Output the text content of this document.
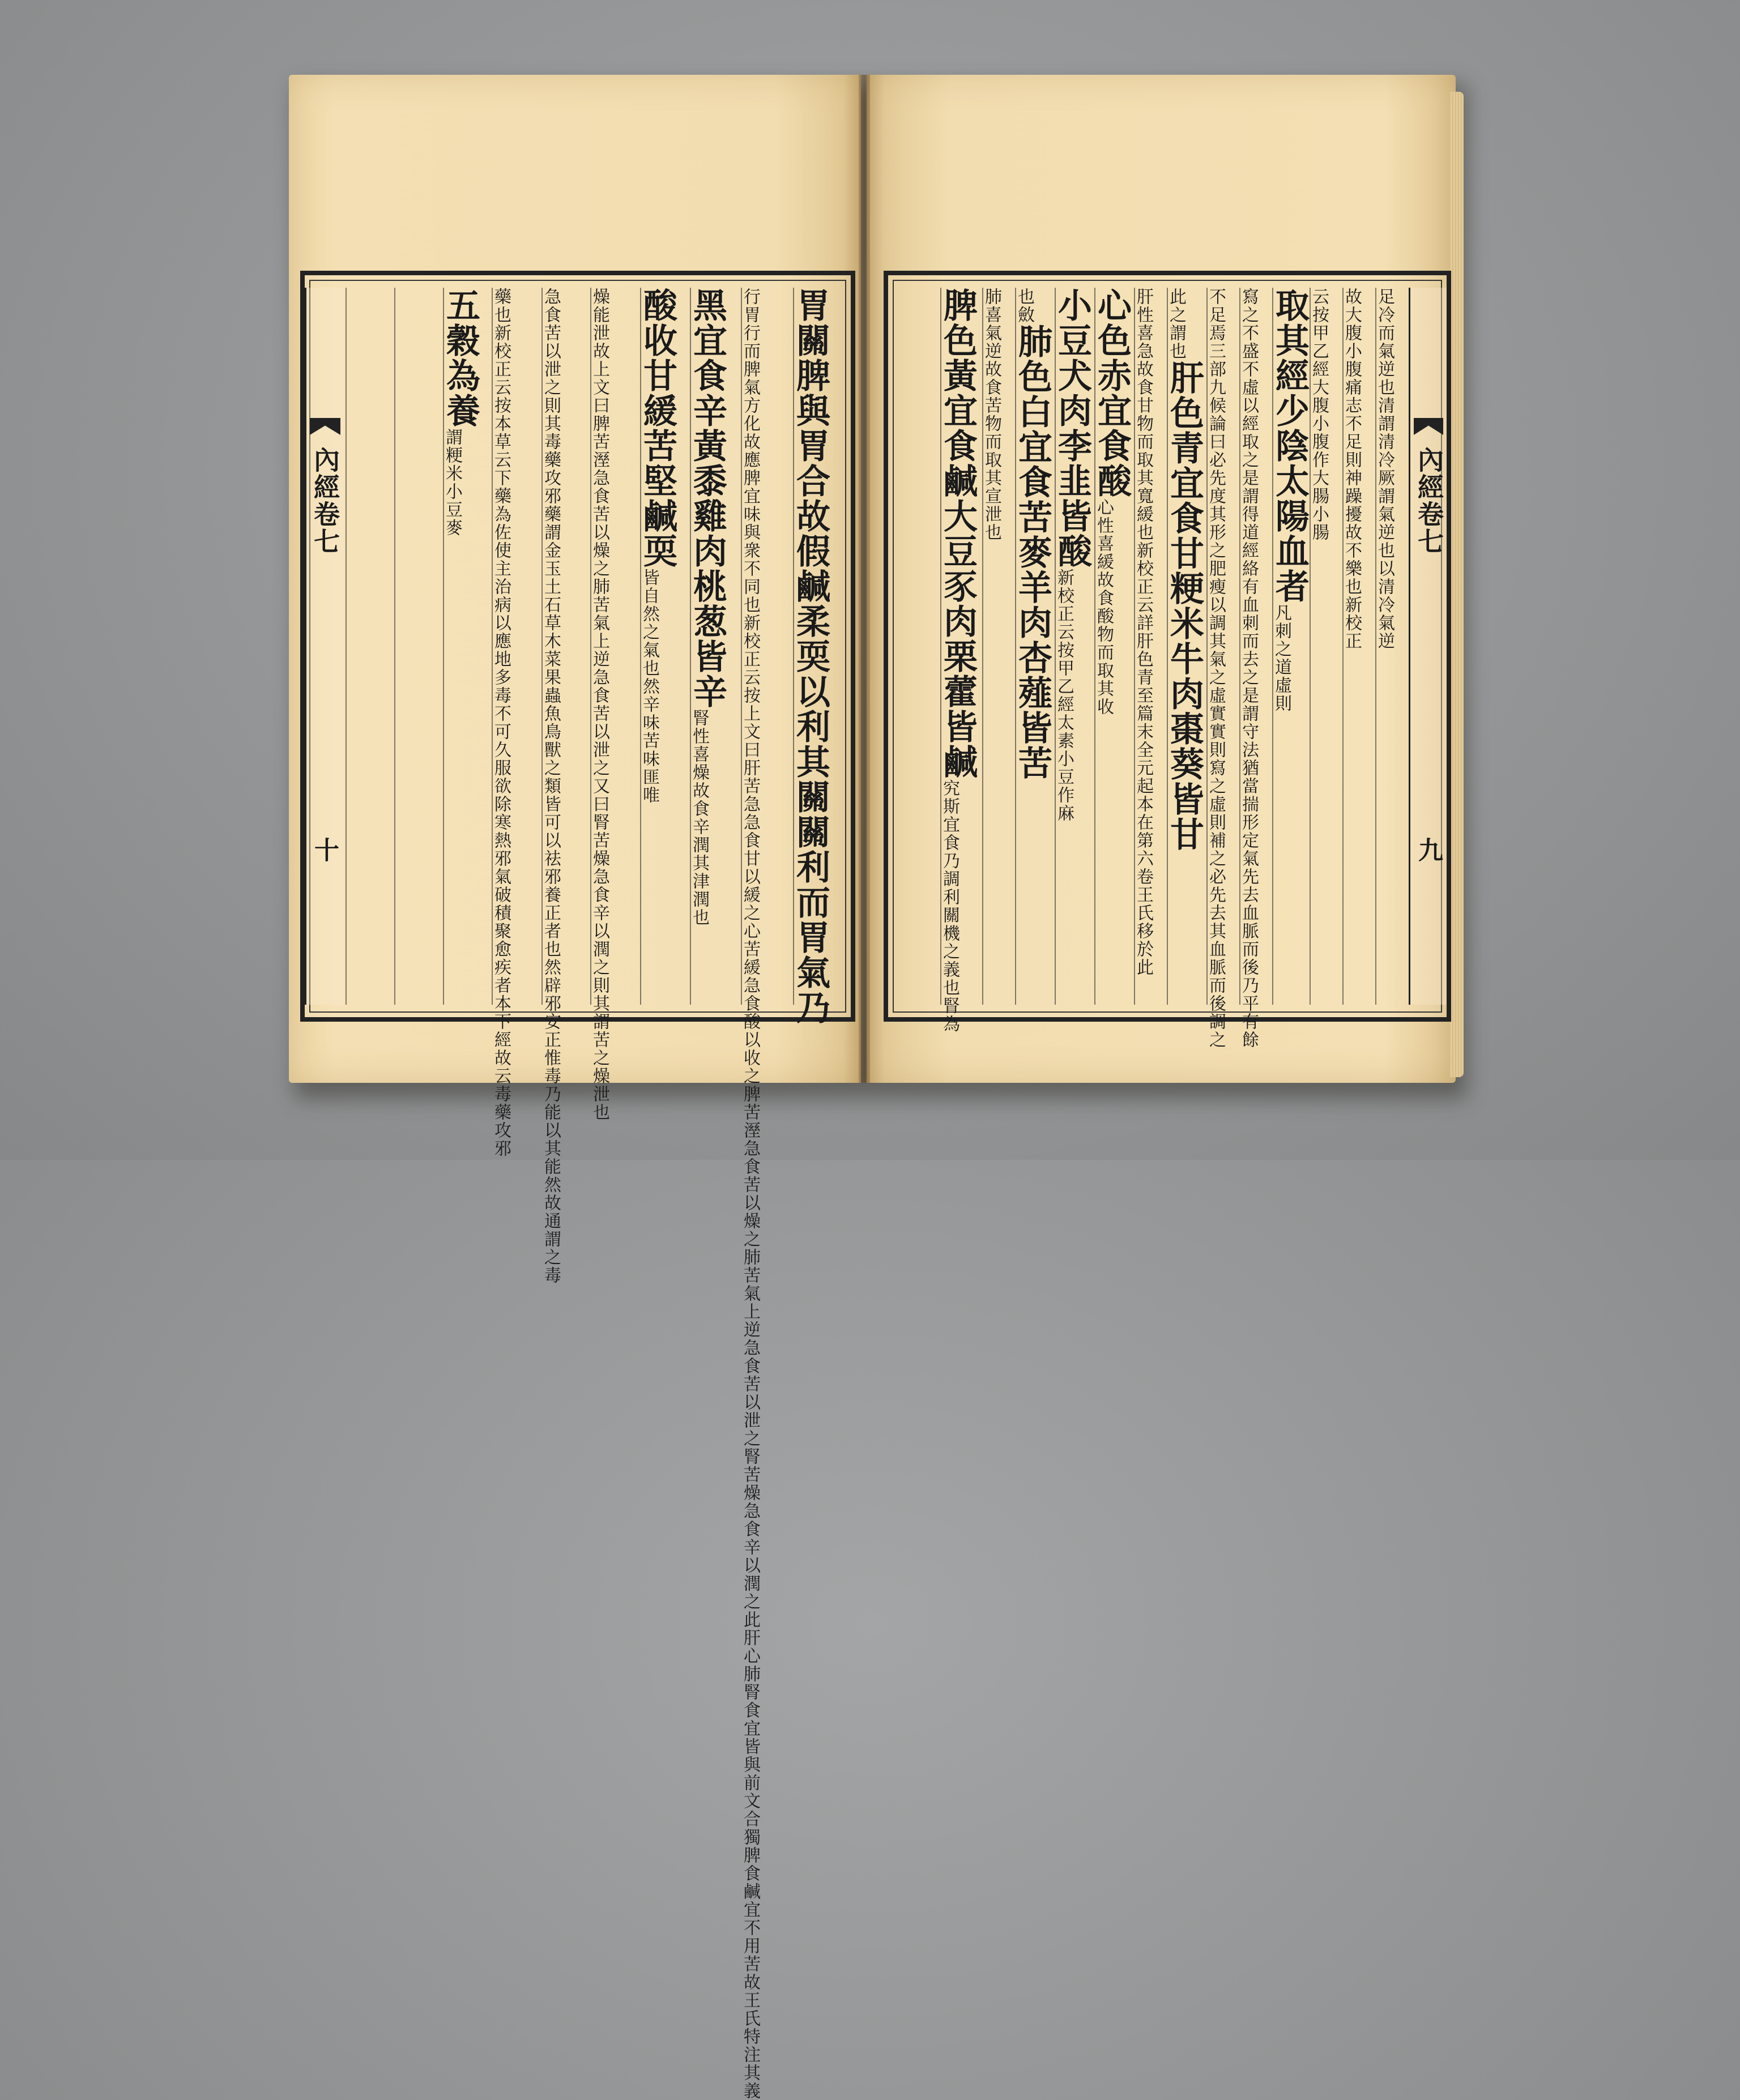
胃關脾與胃合故假鹹柔耎以利其關關利而胃氣乃
行胃行而脾氣方化故應脾宜味與衆不同也新校正云按上文曰肝苦急急食甘以緩之心苦緩急食酸以收之脾苦溼急食苦以燥之肺苦氣上逆急食苦以泄之腎苦燥急食辛以潤之此肝心肺腎食宜皆與前文合獨脾食鹹宜不用苦故王氏特注其義
黑宜食辛黃黍雞肉桃葱皆辛
腎性喜燥故食辛潤其津潤也
酸收甘緩苦堅鹹耎
皆自然之氣也然辛味苦味匪唯
燥能泄故上文曰脾苦溼急食苦以燥之肺苦氣上逆急食苦以泄之又曰腎苦燥急食辛以潤之則其謂苦之燥泄也
急食苦以泄之則其毒藥攻邪藥謂金玉土石草木菜果蟲魚鳥獸之類皆可以祛邪養正者也然辟邪安正惟毒乃能以其能然故通謂之毒
藥也新校正云按本草云下藥為佐使主治病以應地多毒不可久服欲除寒熱邪氣破積聚愈疾者本下經故云毒藥攻邪
五穀為養
謂粳米小豆麥
內經卷七
十
內經卷七
九
足冷而氣逆也清謂清冷厥謂氣逆也以清冷氣逆
故大腹小腹痛志不足則神躁擾故不樂也新校正
云按甲乙經大腹小腹作大腸小腸
取其經少陰太陽血者
凡刺之道虛則
寫之不盛不虛以經取之是謂得道經絡有血刺而去之是謂守法猶當揣形定氣先去血脈而後乃平有餘
不足焉三部九候論曰必先度其形之肥瘦以調其氣之虛實實則寫之虛則補之必先去其血脈而後調之
此之謂也
肝色青宜食甘粳米牛肉棗葵皆甘
肝性喜急故食甘物而取其寬緩也新校正云詳肝色青至篇末全元起本在第六卷王氏移於此
心色赤宜食酸
心性喜緩故食酸物而取其收
小豆犬肉李韭皆酸
新校正云按甲乙經太素小豆作麻
也斂
肺色白宜食苦麥羊肉杏薤皆苦
肺喜氣逆故食苦物而取其宣泄也
脾色黃宜食鹹大豆豕肉栗藿皆鹹
究斯宜食乃調利關機之義也腎為
